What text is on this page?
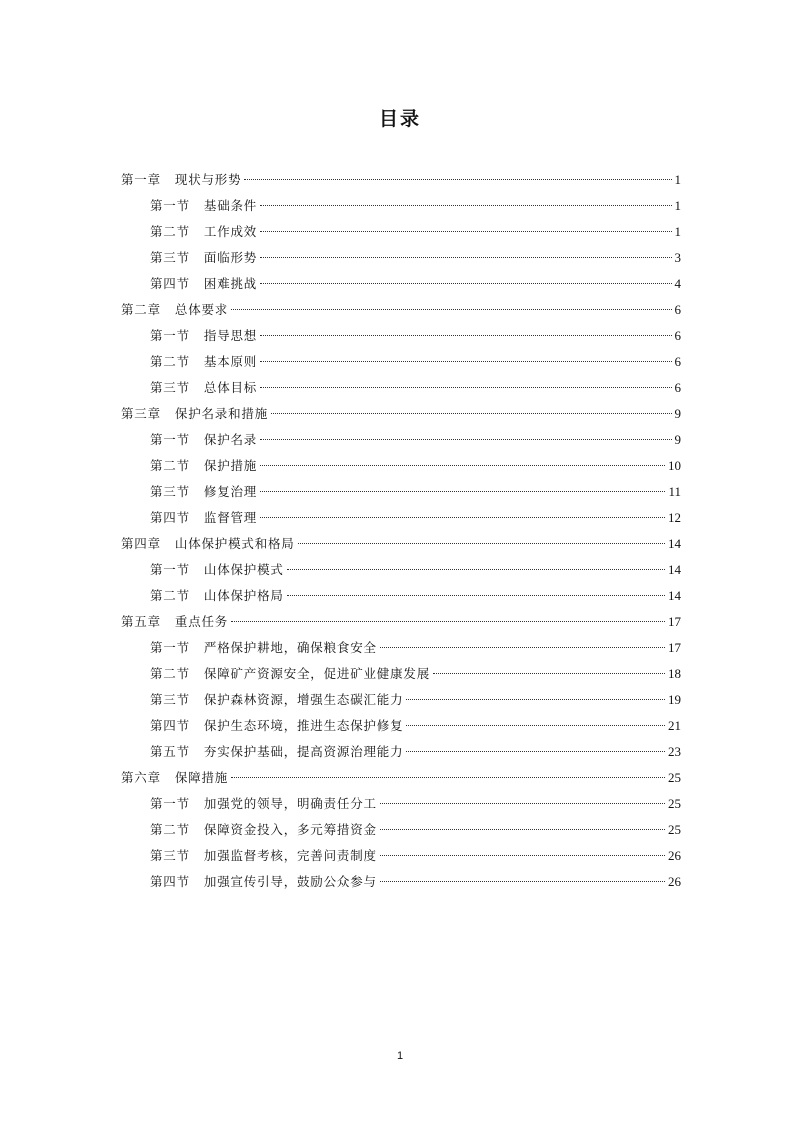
目录
第一章 现状与形势	1
第一节 基础条件	1
第二节 工作成效	1
第三节 面临形势	3
第四节 困难挑战	4
第二章 总体要求	6
第一节 指导思想	6
第二节 基本原则	6
第三节 总体目标	6
第三章 保护名录和措施	9
第一节 保护名录	9
第二节 保护措施	10
第三节 修复治理	11
第四节 监督管理	12
第四章 山体保护模式和格局	14
第一节 山体保护模式	14
第二节 山体保护格局	14
第五章 重点任务	17
第一节 严格保护耕地，确保粮食安全	17
第二节 保障矿产资源安全，促进矿业健康发展	18
第三节 保护森林资源，增强生态碳汇能力	19
第四节 保护生态环境，推进生态保护修复	21
第五节 夯实保护基础，提高资源治理能力	23
第六章 保障措施	25
第一节 加强党的领导，明确责任分工	25
第二节 保障资金投入，多元筹措资金	25
第三节 加强监督考核，完善问责制度	26
第四节 加强宣传引导，鼓励公众参与	26
1
